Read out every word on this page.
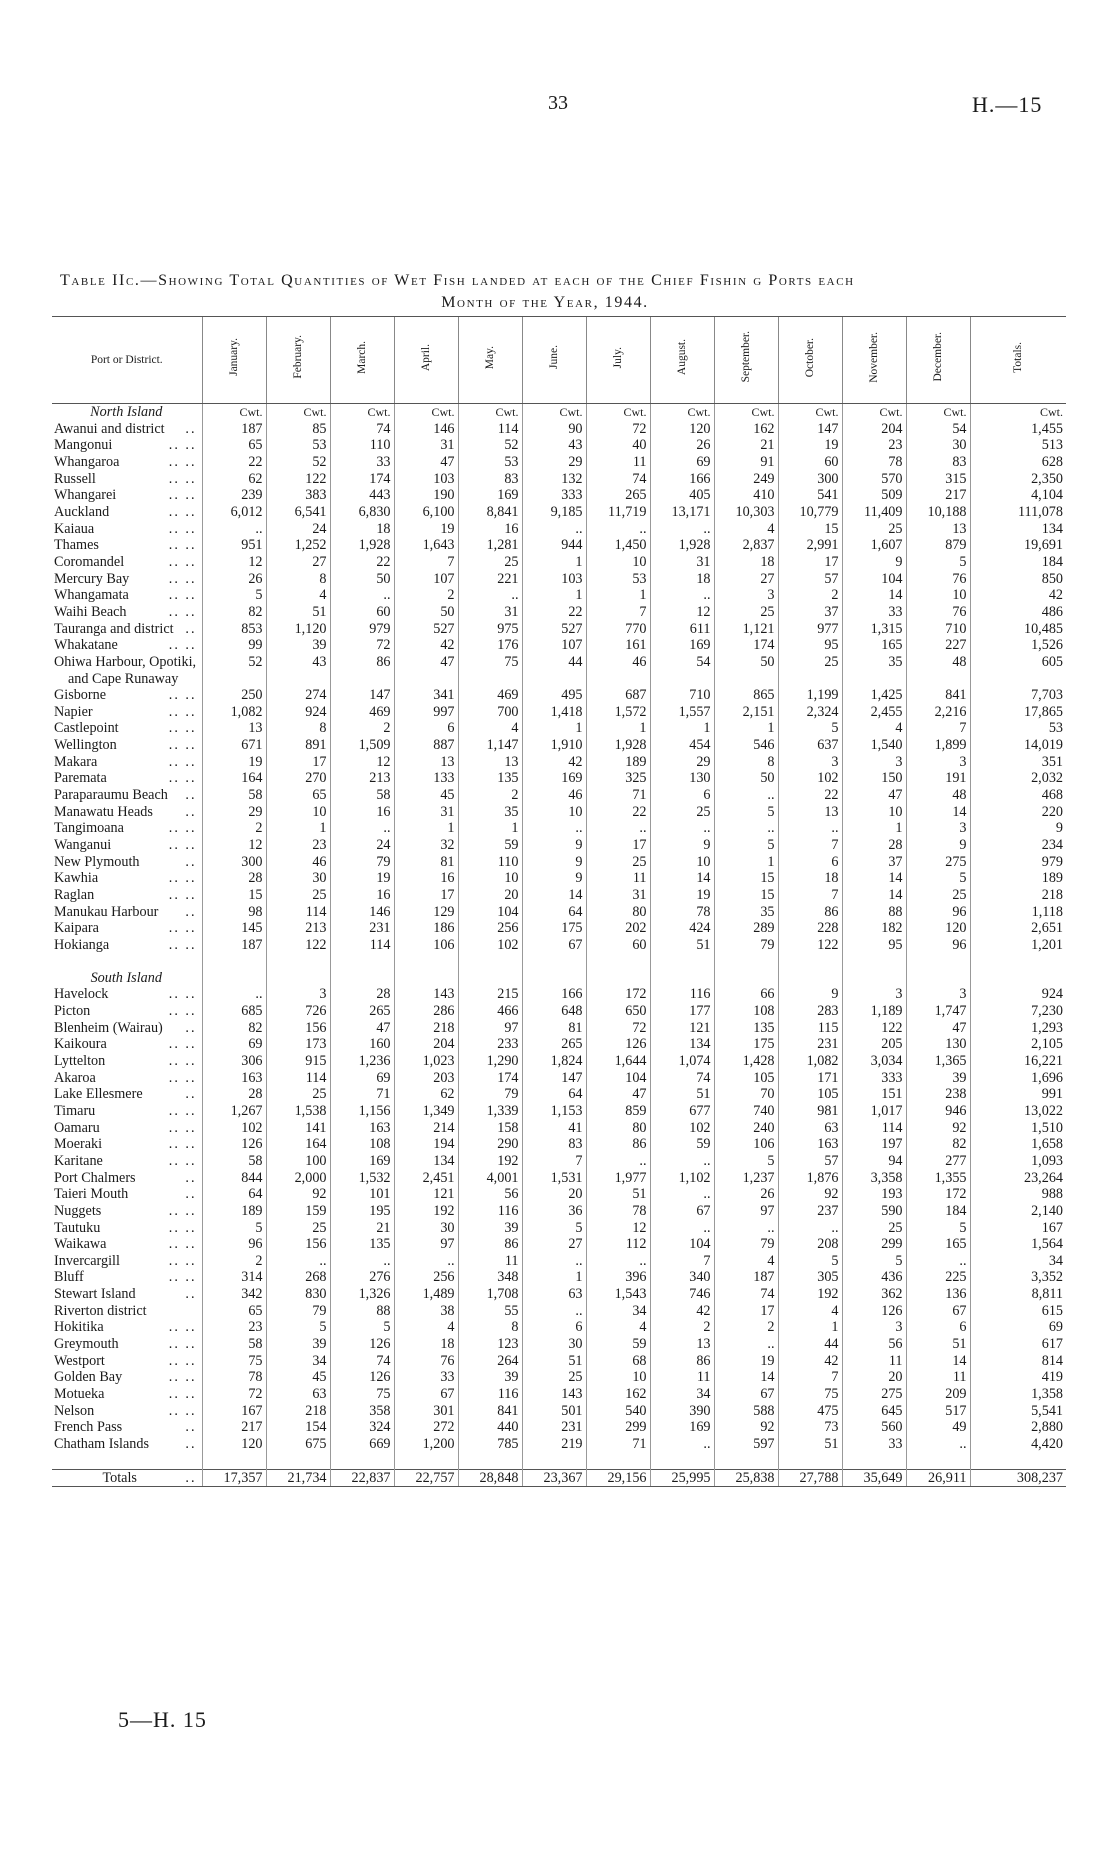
33	H.—15
Table IIc.—Showing Total Quantities of Wet Fish landed at each of the Chief Fishin g Ports each
Month of the Year, 1944.
Port or District.	January.	February.	March.	April.	May.	June.	July.	August.	September.	October.	November.	December.	Totals.
North Island	Cwt.	Cwt.	Cwt.	Cwt.	Cwt.	Cwt.	Cwt.	Cwt.	Cwt.	Cwt.	Cwt.	Cwt.	Cwt.
Awanui and district ..	187	85	74	146	114	90	72	120	162	147	204	54	1,455
Mangonui .. ..	65	53	110	31	52	43	40	26	21	19	23	30	513
Whangaroa .. ..	22	52	33	47	53	29	11	69	91	60	78	83	628
Russell .. ..	62	122	174	103	83	132	74	166	249	300	570	315	2,350
Whangarei .. ..	239	383	443	190	169	333	265	405	410	541	509	217	4,104
Auckland .. ..	6,012	6,541	6,830	6,100	8,841	9,185	11,719	13,171	10,303	10,779	11,409	10,188	111,078
Kaiaua .. ..	..	24	18	19	16	..	..	..	4	15	25	13	134
Thames .. ..	951	1,252	1,928	1,643	1,281	944	1,450	1,928	2,837	2,991	1,607	879	19,691
Coromandel .. ..	12	27	22	7	25	1	10	31	18	17	9	5	184
Mercury Bay .. ..	26	8	50	107	221	103	53	18	27	57	104	76	850
Whangamata .. ..	5	4	..	2	..	1	1	..	3	2	14	10	42
Waihi Beach .. ..	82	51	60	50	31	22	7	12	25	37	33	76	486
Tauranga and district ..	853	1,120	979	527	975	527	770	611	1,121	977	1,315	710	10,485
Whakatane .. ..	99	39	72	42	176	107	161	169	174	95	165	227	1,526
Ohiwa Harbour, Opotiki,	52	43	86	47	75	44	46	54	50	25	35	48	605
and Cape Runaway													
Gisborne .. ..	250	274	147	341	469	495	687	710	865	1,199	1,425	841	7,703
Napier .. ..	1,082	924	469	997	700	1,418	1,572	1,557	2,151	2,324	2,455	2,216	17,865
Castlepoint .. ..	13	8	2	6	4	1	1	1	1	5	4	7	53
Wellington .. ..	671	891	1,509	887	1,147	1,910	1,928	454	546	637	1,540	1,899	14,019
Makara .. ..	19	17	12	13	13	42	189	29	8	3	3	3	351
Paremata .. ..	164	270	213	133	135	169	325	130	50	102	150	191	2,032
Paraparaumu Beach ..	58	65	58	45	2	46	71	6	..	22	47	48	468
Manawatu Heads ..	29	10	16	31	35	10	22	25	5	13	10	14	220
Tangimoana .. ..	2	1	..	1	1	..	..	..	..	..	1	3	9
Wanganui .. ..	12	23	24	32	59	9	17	9	5	7	28	9	234
New Plymouth ..	300	46	79	81	110	9	25	10	1	6	37	275	979
Kawhia .. ..	28	30	19	16	10	9	11	14	15	18	14	5	189
Raglan .. ..	15	25	16	17	20	14	31	19	15	7	14	25	218
Manukau Harbour ..	98	114	146	129	104	64	80	78	35	86	88	96	1,118
Kaipara .. ..	145	213	231	186	256	175	202	424	289	228	182	120	2,651
Hokianga .. ..	187	122	114	106	102	67	60	51	79	122	95	96	1,201

South Island													
Havelock .. ..	..	3	28	143	215	166	172	116	66	9	3	3	924
Picton .. ..	685	726	265	286	466	648	650	177	108	283	1,189	1,747	7,230
Blenheim (Wairau) ..	82	156	47	218	97	81	72	121	135	115	122	47	1,293
Kaikoura .. ..	69	173	160	204	233	265	126	134	175	231	205	130	2,105
Lyttelton .. ..	306	915	1,236	1,023	1,290	1,824	1,644	1,074	1,428	1,082	3,034	1,365	16,221
Akaroa .. ..	163	114	69	203	174	147	104	74	105	171	333	39	1,696
Lake Ellesmere ..	28	25	71	62	79	64	47	51	70	105	151	238	991
Timaru .. ..	1,267	1,538	1,156	1,349	1,339	1,153	859	677	740	981	1,017	946	13,022
Oamaru .. ..	102	141	163	214	158	41	80	102	240	63	114	92	1,510
Moeraki .. ..	126	164	108	194	290	83	86	59	106	163	197	82	1,658
Karitane .. ..	58	100	169	134	192	7	..	..	5	57	94	277	1,093
Port Chalmers ..	844	2,000	1,532	2,451	4,001	1,531	1,977	1,102	1,237	1,876	3,358	1,355	23,264
Taieri Mouth ..	64	92	101	121	56	20	51	..	26	92	193	172	988
Nuggets .. ..	189	159	195	192	116	36	78	67	97	237	590	184	2,140
Tautuku .. ..	5	25	21	30	39	5	12	..	..	..	25	5	167
Waikawa .. ..	96	156	135	97	86	27	112	104	79	208	299	165	1,564
Invercargill .. ..	2	..	..	..	11	..	..	7	4	5	5	..	34
Bluff .. ..	314	268	276	256	348	1	396	340	187	305	436	225	3,352
Stewart Island ..	342	830	1,326	1,489	1,708	63	1,543	746	74	192	362	136	8,811
Riverton district	65	79	88	38	55	..	34	42	17	4	126	67	615
Hokitika .. ..	23	5	5	4	8	6	4	2	2	1	3	6	69
Greymouth .. ..	58	39	126	18	123	30	59	13	..	44	56	51	617
Westport .. ..	75	34	74	76	264	51	68	86	19	42	11	14	814
Golden Bay .. ..	78	45	126	33	39	25	10	11	14	7	20	11	419
Motueka .. ..	72	63	75	67	116	143	162	34	67	75	275	209	1,358
Nelson .. ..	167	218	358	301	841	501	540	390	588	475	645	517	5,541
French Pass ..	217	154	324	272	440	231	299	169	92	73	560	49	2,880
Chatham Islands ..	120	675	669	1,200	785	219	71	..	597	51	33	..	4,420

Totals ..	17,357	21,734	22,837	22,757	28,848	23,367	29,156	25,995	25,838	27,788	35,649	26,911	308,237
5—H. 15
